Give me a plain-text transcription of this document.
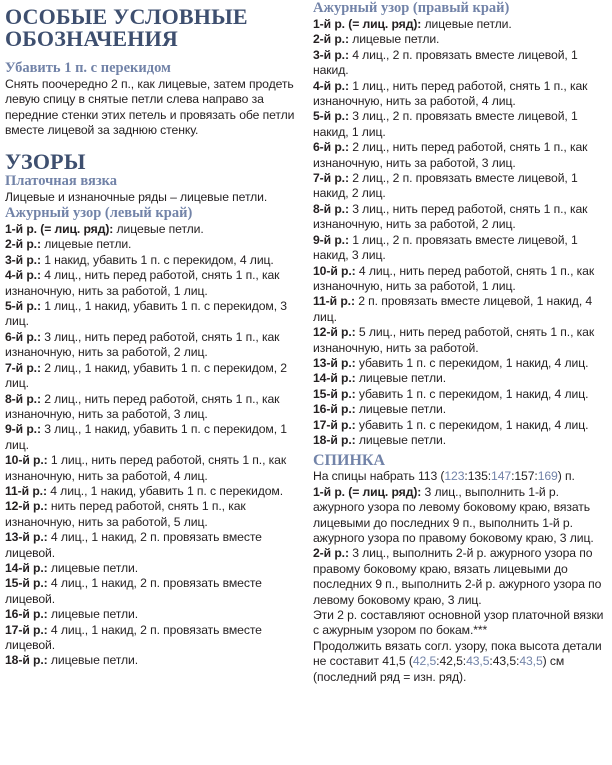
ОСОБЫЕ УСЛОВНЫЕ
ОБОЗНАЧЕНИЯ
Убавить 1 п. с перекидом

Снять поочередно 2 п., как лицевые, затем продеть левую спицу в снятые петли слева направо за передние стенки этих петель и провязать обе петли вместе лицевой за заднюю стенку.

УЗОРЫ
Платочная вязка

Лицевые и изнаночные ряды – лицевые петли.

Ажурный узор (левый край)
1-й р. (= лиц. ряд): лицевые петли.
2-й р.: лицевые петли.
3-й р.: 1 накид, убавить 1 п. с перекидом, 4 лиц.
4-й р.: 4 лиц., нить перед работой, снять 1 п., как изнаночную, нить за работой, 1 лиц.
5-й р.: 1 лиц., 1 накид, убавить 1 п. с перекидом, 3 лиц.
6-й р.: 3 лиц., нить перед работой, снять 1 п., как изнаночную, нить за работой, 2 лиц.
7-й р.: 2 лиц., 1 накид, убавить 1 п. с перекидом, 2 лиц.
8-й р.: 2 лиц., нить перед работой, снять 1 п., как изнаночную, нить за работой, 3 лиц.
9-й р.: 3 лиц., 1 накид, убавить 1 п. с перекидом, 1 лиц.
10-й р.: 1 лиц., нить перед работой, снять 1 п., как изнаночную, нить за работой, 4 лиц.
11-й р.: 4 лиц., 1 накид, убавить 1 п. с перекидом.
12-й р.: нить перед работой, снять 1 п., как изнаночную, нить за работой, 5 лиц.
13-й р.: 4 лиц., 1 накид, 2 п. провязать вместе лицевой.
14-й р.: лицевые петли.
15-й р.: 4 лиц., 1 накид, 2 п. провязать вместе лицевой.
16-й р.: лицевые петли.
17-й р.: 4 лиц., 1 накид, 2 п. провязать вместе лицевой.
18-й р.: лицевые петли.
Ажурный узор (правый край)
1-й р. (= лиц. ряд): лицевые петли.
2-й р.: лицевые петли.
3-й р.: 4 лиц., 2 п. провязать вместе лицевой, 1 накид.
4-й р.: 1 лиц., нить перед работой, снять 1 п., как изнаночную, нить за работой, 4 лиц.
5-й р.: 3 лиц., 2 п. провязать вместе лицевой, 1 накид, 1 лиц.
6-й р.: 2 лиц., нить перед работой, снять 1 п., как изнаночную, нить за работой, 3 лиц.
7-й р.: 2 лиц., 2 п. провязать вместе лицевой, 1 накид, 2 лиц.
8-й р.: 3 лиц., нить перед работой, снять 1 п., как изнаночную, нить за работой, 2 лиц.
9-й р.: 1 лиц., 2 п. провязать вместе лицевой, 1 накид, 3 лиц.
10-й р.: 4 лиц., нить перед работой, снять 1 п., как изнаночную, нить за работой, 1 лиц.
11-й р.: 2 п. провязать вместе лицевой, 1 накид, 4 лиц.
12-й р.: 5 лиц., нить перед работой, снять 1 п., как изнаночную, нить за работой.
13-й р.: убавить 1 п. с перекидом, 1 накид, 4 лиц.
14-й р.: лицевые петли.
15-й р.: убавить 1 п. с перекидом, 1 накид, 4 лиц.
16-й р.: лицевые петли.
17-й р.: убавить 1 п. с перекидом, 1 накид, 4 лиц.
18-й р.: лицевые петли.
СПИНКА

На спицы набрать 113 (123:135:147:157:169) п.

1-й р. (= лиц. ряд): 3 лиц., выполнить 1-й р. ажурного узора по левому боковому краю, вязать лицевыми до последних 9 п., выполнить 1-й р. ажурного узора по правому боковому краю, 3 лиц.
2-й р.: 3 лиц., выполнить 2-й р. ажурного узора по правому боковому краю, вязать лицевыми до последних 9 п., выполнить 2-й р. ажурного узора по левому боковому краю, 3 лиц.

Эти 2 р. составляют основной узор платочной вязки с ажурным узором по бокам.***

Продолжить вязать согл. узору, пока высота детали не составит 41,5 (42,5:42,5:43,5:43,5:43,5) см (последний ряд = изн. ряд).
